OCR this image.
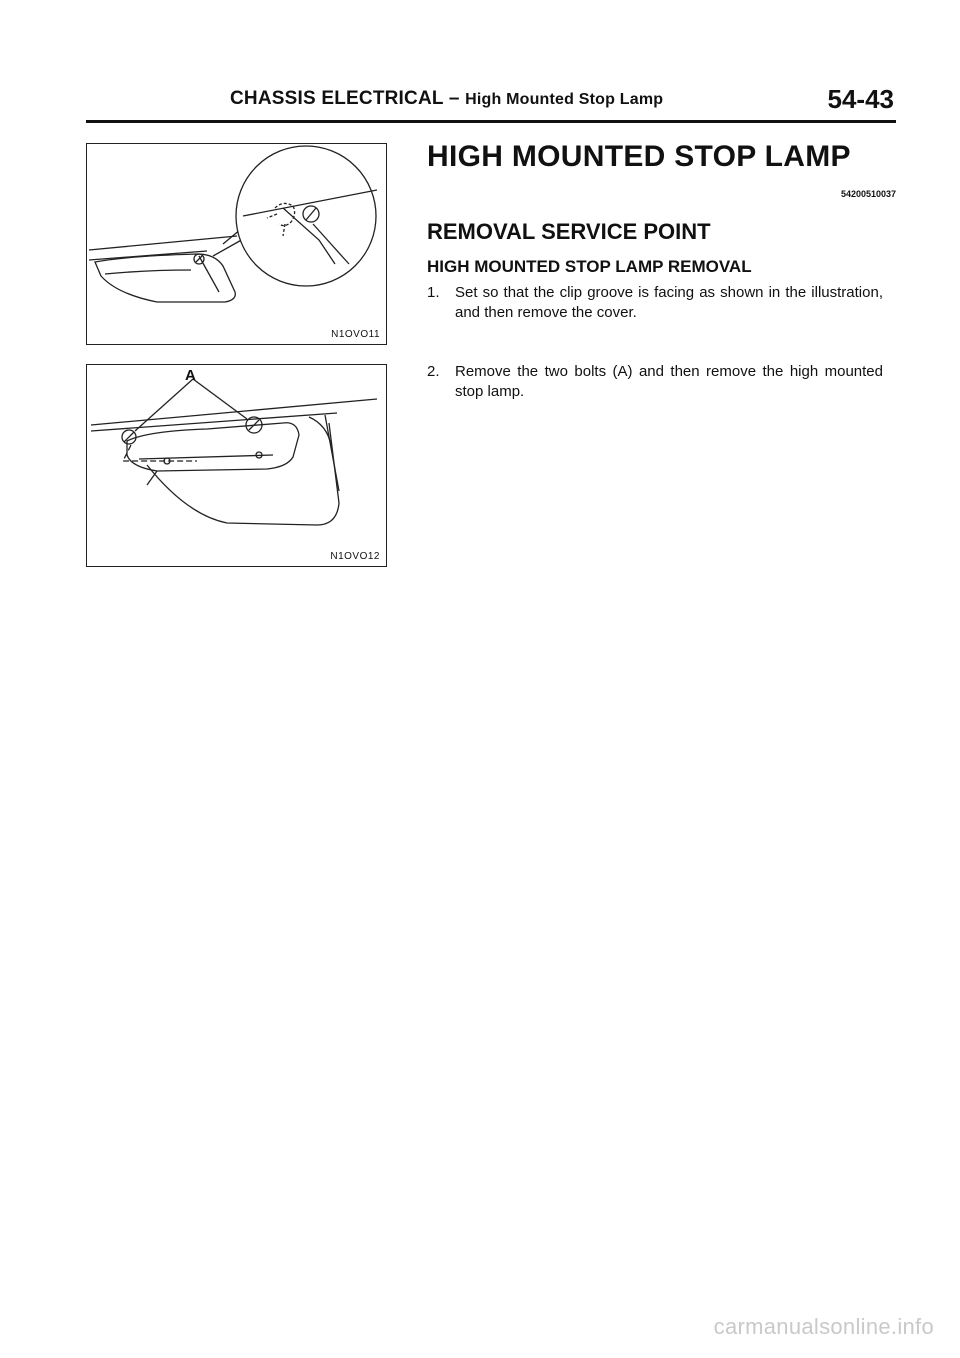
CHASSIS ELECTRICAL – High Mounted Stop Lamp	54-43
N1OVO11
A
N1OVO12
HIGH MOUNTED STOP LAMP
54200510037
REMOVAL SERVICE POINT
HIGH MOUNTED STOP LAMP REMOVAL
1. Set so that the clip groove is facing as shown in the illustration, and then remove the cover.
2. Remove the two bolts (A) and then remove the high mounted stop lamp.
carmanualsonline.info
